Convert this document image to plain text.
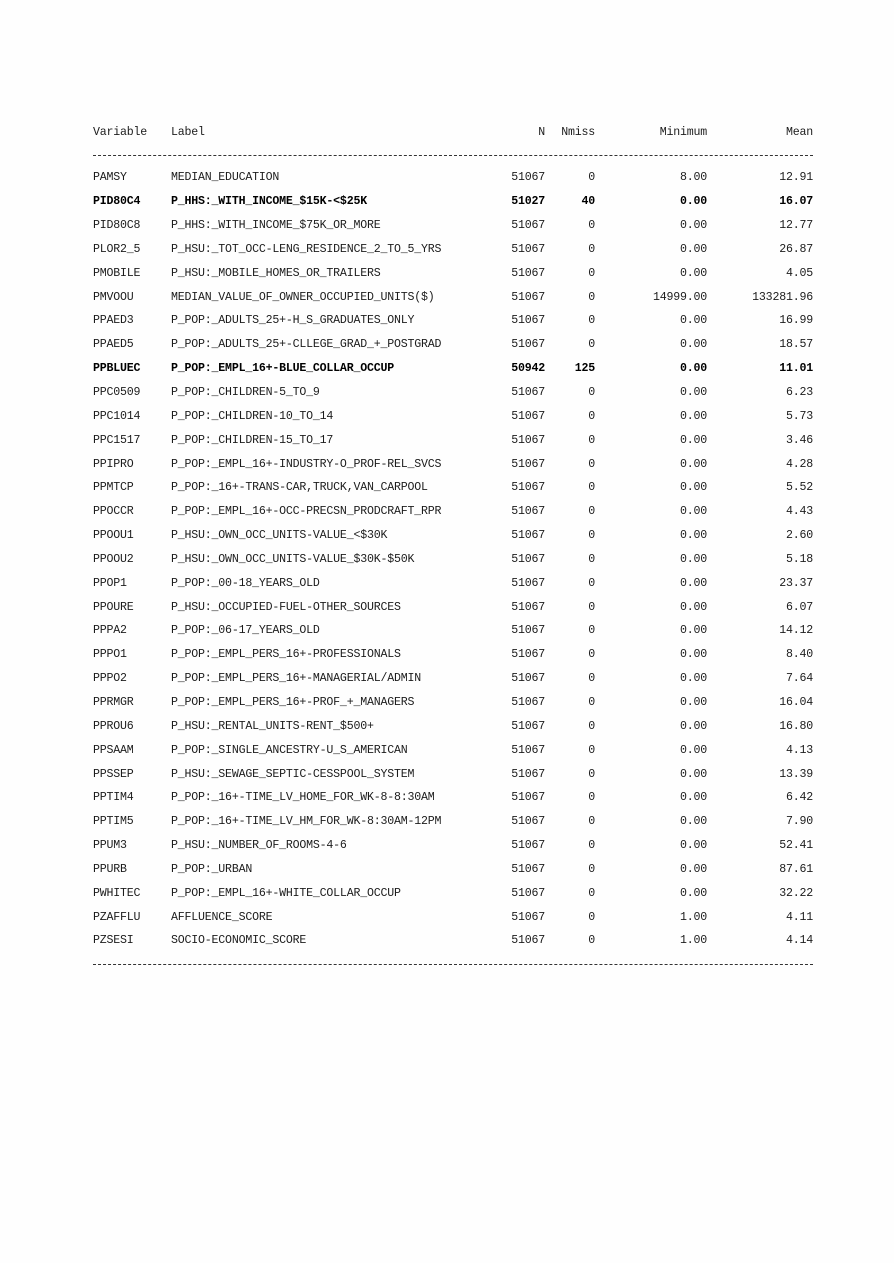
Variable	Label	N	Nmiss	Minimum	Mean

PAMSY	MEDIAN_EDUCATION	51067	0	8.00	12.91
PID80C4	P_HHS:_WITH_INCOME_$15K-<$25K	51027	40	0.00	16.07
PID80C8	P_HHS:_WITH_INCOME_$75K_OR_MORE	51067	0	0.00	12.77
PLOR2_5	P_HSU:_TOT_OCC-LENG_RESIDENCE_2_TO_5_YRS	51067	0	0.00	26.87
PMOBILE	P_HSU:_MOBILE_HOMES_OR_TRAILERS	51067	0	0.00	4.05
PMVOOU	MEDIAN_VALUE_OF_OWNER_OCCUPIED_UNITS($)	51067	0	14999.00	133281.96
PPAED3	P_POP:_ADULTS_25+-H_S_GRADUATES_ONLY	51067	0	0.00	16.99
PPAED5	P_POP:_ADULTS_25+-CLLEGE_GRAD_+_POSTGRAD	51067	0	0.00	18.57
PPBLUEC	P_POP:_EMPL_16+-BLUE_COLLAR_OCCUP	50942	125	0.00	11.01
PPC0509	P_POP:_CHILDREN-5_TO_9	51067	0	0.00	6.23
PPC1014	P_POP:_CHILDREN-10_TO_14	51067	0	0.00	5.73
PPC1517	P_POP:_CHILDREN-15_TO_17	51067	0	0.00	3.46
PPIPRO	P_POP:_EMPL_16+-INDUSTRY-O_PROF-REL_SVCS	51067	0	0.00	4.28
PPMTCP	P_POP:_16+-TRANS-CAR,TRUCK,VAN_CARPOOL	51067	0	0.00	5.52
PPOCCR	P_POP:_EMPL_16+-OCC-PRECSN_PRODCRAFT_RPR	51067	0	0.00	4.43
PPOOU1	P_HSU:_OWN_OCC_UNITS-VALUE_<$30K	51067	0	0.00	2.60
PPOOU2	P_HSU:_OWN_OCC_UNITS-VALUE_$30K-$50K	51067	0	0.00	5.18
PPOP1	P_POP:_00-18_YEARS_OLD	51067	0	0.00	23.37
PPOURE	P_HSU:_OCCUPIED-FUEL-OTHER_SOURCES	51067	0	0.00	6.07
PPPA2	P_POP:_06-17_YEARS_OLD	51067	0	0.00	14.12
PPPO1	P_POP:_EMPL_PERS_16+-PROFESSIONALS	51067	0	0.00	8.40
PPPO2	P_POP:_EMPL_PERS_16+-MANAGERIAL/ADMIN	51067	0	0.00	7.64
PPRMGR	P_POP:_EMPL_PERS_16+-PROF_+_MANAGERS	51067	0	0.00	16.04
PPROU6	P_HSU:_RENTAL_UNITS-RENT_$500+	51067	0	0.00	16.80
PPSAAM	P_POP:_SINGLE_ANCESTRY-U_S_AMERICAN	51067	0	0.00	4.13
PPSSEP	P_HSU:_SEWAGE_SEPTIC-CESSPOOL_SYSTEM	51067	0	0.00	13.39
PPTIM4	P_POP:_16+-TIME_LV_HOME_FOR_WK-8-8:30AM	51067	0	0.00	6.42
PPTIM5	P_POP:_16+-TIME_LV_HM_FOR_WK-8:30AM-12PM	51067	0	0.00	7.90
PPUM3	P_HSU:_NUMBER_OF_ROOMS-4-6	51067	0	0.00	52.41
PPURB	P_POP:_URBAN	51067	0	0.00	87.61
PWHITEC	P_POP:_EMPL_16+-WHITE_COLLAR_OCCUP	51067	0	0.00	32.22
PZAFFLU	AFFLUENCE_SCORE	51067	0	1.00	4.11
PZSESI	SOCIO-ECONOMIC_SCORE	51067	0	1.00	4.14
